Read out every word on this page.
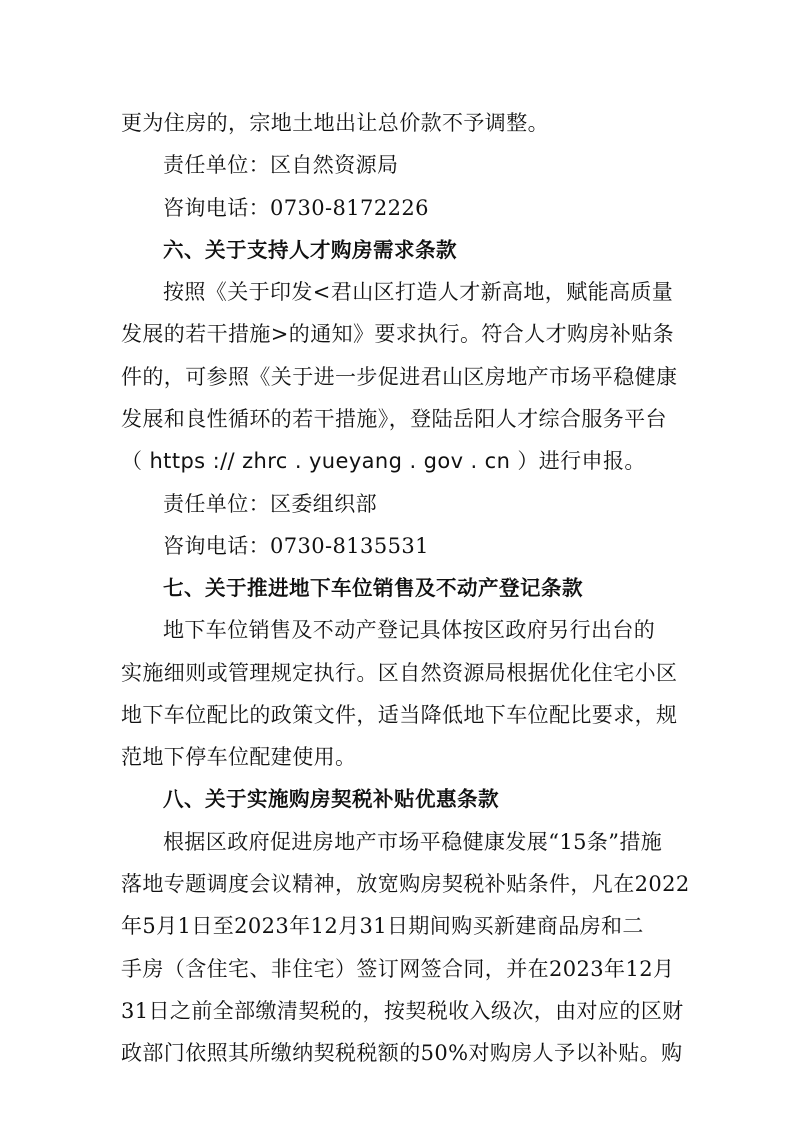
更为住房的，宗地土地出让总价款不予调整。
责任单位：区自然资源局
咨询电话：0730-8172226
六、关于支持人才购房需求条款
按照《关于印发<君山区打造人才新高地，赋能高质量
发展的若干措施>的通知》要求执行。符合人才购房补贴条
件的，可参照《关于进一步促进君山区房地产市场平稳健康
发展和良性循环的若干措施》，登陆岳阳人才综合服务平台
（ https :// zhrc . yueyang . gov . cn ）进行申报。
责任单位：区委组织部
咨询电话：0730-8135531
七、关于推进地下车位销售及不动产登记条款
地下车位销售及不动产登记具体按区政府另行出台的
实施细则或管理规定执行。区自然资源局根据优化住宅小区
地下车位配比的政策文件，适当降低地下车位配比要求，规
范地下停车位配建使用。
八、关于实施购房契税补贴优惠条款
根据区政府促进房地产市场平稳健康发展“15条”措施
落地专题调度会议精神，放宽购房契税补贴条件，凡在2022
年5月1日至2023年12月31日期间购买新建商品房和二
手房（含住宅、非住宅）签订网签合同，并在2023年12月
31日之前全部缴清契税的，按契税收入级次，由对应的区财
政部门依照其所缴纳契税税额的50%对购房人予以补贴。购
